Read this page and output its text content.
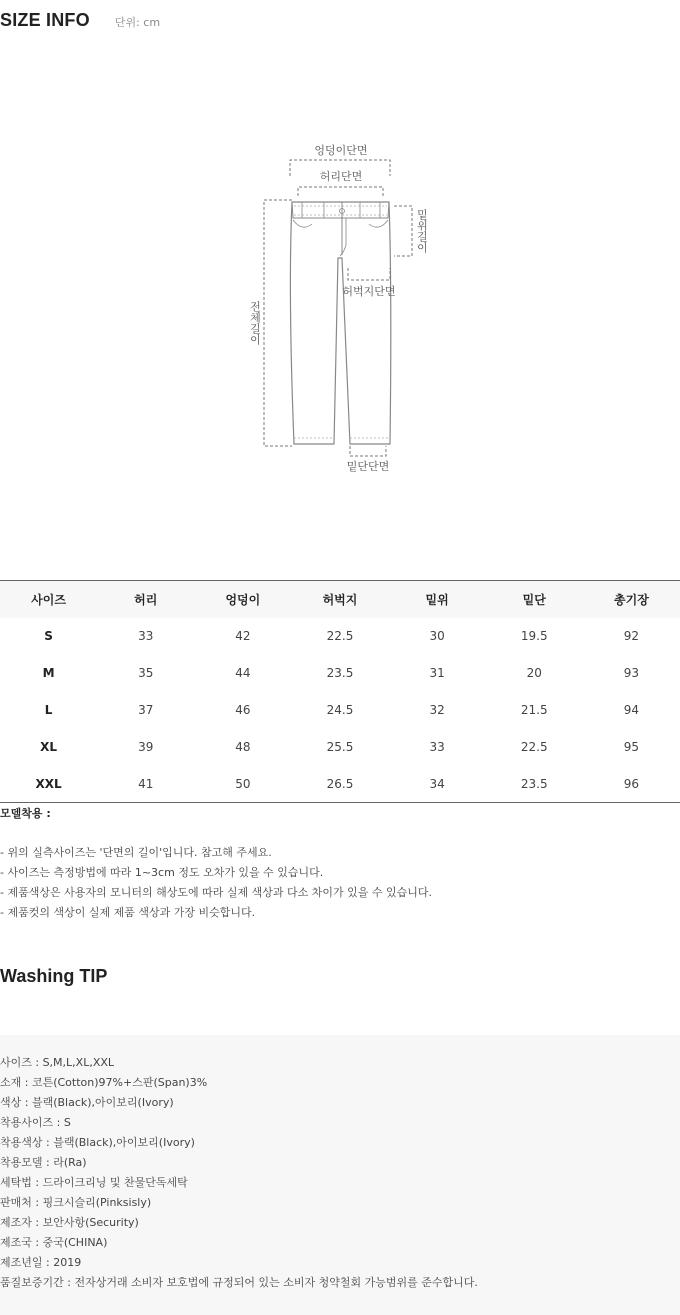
SIZE INFO 단위: cm
엉덩이단면
허리단면
밑위길이
허벅지단면
전체길이
밑단단면
사이즈	허리	엉덩이	허벅지	밑위	밑단	총기장
S	33	42	22.5	30	19.5	92
M	35	44	23.5	31	20	93
L	37	46	24.5	32	21.5	94
XL	39	48	25.5	33	22.5	95
XXL	41	50	26.5	34	23.5	96
모델착용 :
- 위의 실측사이즈는 '단면의 길이'입니다. 참고해 주세요.
- 사이즈는 측정방법에 따라 1~3cm 정도 오차가 있을 수 있습니다.
- 제품색상은 사용자의 모니터의 해상도에 따라 실제 색상과 다소 차이가 있을 수 있습니다.
- 제품컷의 색상이 실제 제품 색상과 가장 비슷합니다.
Washing TIP
사이즈 : S,M,L,XL,XXL
소재 : 코튼(Cotton)97%+스판(Span)3%
색상 : 블랙(Black),아이보리(Ivory)
착용사이즈 : S
착용색상 : 블랙(Black),아이보리(Ivory)
착용모델 : 라(Ra)
세탁법 : 드라이크리닝 및 찬물단독세탁
판매처 : 핑크시슬리(Pinksisly)
제조자 : 보안사항(Security)
제조국 : 중국(CHINA)
제조년일 : 2019
품질보증기간 : 전자상거래 소비자 보호법에 규정되어 있는 소비자 청약철회 가능범위를 준수합니다.
